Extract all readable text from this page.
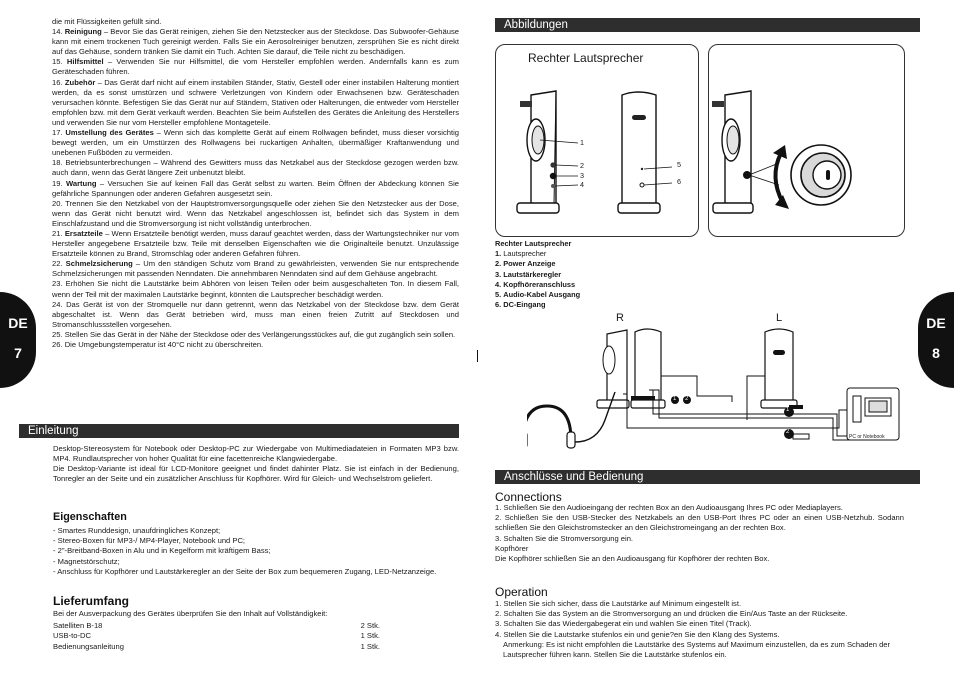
DE
7

die mit Flüssigkeiten gefüllt sind.

14. Reinigung – Bevor Sie das Gerät reinigen, ziehen Sie den Netzstecker aus der Steckdose. Das Subwoofer-Gehäuse kann mit einem trockenen Tuch gereinigt werden. Falls Sie ein Aerosolreiniger benutzen, zersprühen Sie es nicht direkt auf das Gehäuse, sondern tränken Sie damit ein Tuch. Achten Sie darauf, die Teile nicht zu beschädigen.

15. Hilfsmittel – Verwenden Sie nur Hilfsmittel, die vom Hersteller empfohlen werden. Andernfalls kann es zum Geräteschaden führen.

16. Zubehör – Das Gerät darf nicht auf einem instabilen Ständer, Stativ, Gestell oder einer instabilen Halterung montiert werden, da es sonst umstürzen und schwere Verletzungen von Kindern oder Erwachsenen bzw. Geräteschaden verursachen könnte. Befestigen Sie das Gerät nur auf Ständern, Stativen oder Halterungen, die entweder vom Hersteller empfohlen bzw. mit dem Gerät verkauft werden. Beachten Sie beim Aufstellen des Gerätes die Anleitung des Herstellers und verwenden Sie nur vom Hersteller empfohlene Montageteile.

17. Umstellung des Gerätes – Wenn sich das komplette Gerät auf einem Rollwagen befindet, muss dieser vorsichtig bewegt werden, um ein Umstürzen des Rollwagens bei ruckartigen Anhalten, übermäßiger Kraftanwendung und unebenen Fußböden zu vermeiden.

18. Betriebsunterbrechungen – Während des Gewitters muss das Netzkabel aus der Steckdose gezogen werden bzw. auch dann, wenn das Gerät längere Zeit unbenutzt bleibt.

19. Wartung – Versuchen Sie auf keinen Fall das Gerät selbst zu warten. Beim Öffnen der Abdeckung können Sie gefährliche Spannungen oder anderen Gefahren ausgesetzt sein.

20. Trennen Sie den Netzkabel von der Hauptstromversorgungsquelle oder ziehen Sie den Netzstecker aus der Dose, wenn das Gerät nicht benutzt wird. Wenn das Netzkabel angeschlossen ist, befindet sich das System in dem Einschlafzustand und die Stromversorgung ist nicht vollständig unterbrochen.

21. Ersatzteile – Wenn Ersatzteile benötigt werden, muss darauf geachtet werden, dass der Wartungstechniker nur vom Hersteller angegebene Ersatzteile bzw. Teile mit denselben Eigenschaften wie die Originalteile benutzt. Unzulässige Ersatzteile können zu Brand, Stromschlag oder anderen Gefahren führen.

22. Schmelzsicherung – Um den ständigen Schutz vom Brand zu gewährleisten, verwenden Sie nur entsprechende Schmelzsicherungen mit passenden Nenndaten. Die annehmbaren Nenndaten sind auf dem Gehäuse angebracht.

23. Erhöhen Sie nicht die Lautstärke beim Abhören von leisen Teilen oder beim ausgeschalteten Ton. In diesem Fall, wenn der Teil mit der maximalen Lautstärke beginnt, könnten die Lautsprecher beschädigt werden.

24. Das Gerät ist von der Stromquelle nur dann getrennt, wenn das Netzkabel von der Steckdose bzw. dem Gerät abgeschaltet ist. Wenn das Gerät betrieben wird, muss man einen freien Zutritt auf Steckdosen und Stromanschlussstellen vorgesehen.

25. Stellen Sie das Gerät in der Nähe der Steckdose oder des Verlängerungsstückes auf, die gut zugänglich sein sollen.

26. Die Umgebungstemperatur ist 40°C nicht zu überschreiten.

Einleitung

Desktop-Stereosystem für Notebook oder Desktop-PC zur Wiedergabe von Multimediadateien in Formaten MP3 bzw. MP4. Rundlautsprecher von hoher Qualität für eine facettenreiche Klangwiedergabe.

Die Desktop-Variante ist ideal für LCD-Monitore geeignet und findet dahinter Platz. Sie ist einfach in der Bedienung, Tonregler an der Seite und ein zusätzlicher Anschluss für Kopfhörer. Wird für Gleich- und Wechselstrom geliefert.

Eigenschaften

- Smartes Runddesign, unaufdringliches Konzept;

- Stereo-Boxen für MP3-/ MP4-Player, Notebook und PC;

- 2"-Breitband-Boxen in Alu und in Kegelform mit kräftigem Bass;

- Magnetstörschutz;

- Anschluss für Kopfhörer und Lautstärkeregler an der Seite der Box zum bequemeren Zugang, LED-Netzanzeige.

Lieferumfang

Bei der Ausverpackung des Gerätes überprüfen Sie den Inhalt auf Vollständigkeit:

Satelliten B-18	2 Stk.
USB-to-DC	1 Stk.
Bedienungsanleitung	1 Stk.
DE
8
Abbildungen
Rechter Lautsprecher
1
2
3
4
5
6

Rechter Lautsprecher

1. Lautsprecher

2. Power Anzeige

3. Lautstärkeregler

4. Kopfhöreranschluss

5. Audio-Kabel Ausgang

6. DC-Eingang

R	L
PC or Notebook
1
2
1 2
Anschlüsse und Bedienung
Connections

1. Schließen Sie den Audioeingang der rechten Box an den Audioausgang Ihres PC oder Mediaplayers.

2. Schließen Sie den USB-Stecker des Netzkabels an den USB-Port Ihres PC oder an einen USB-Netzhub. Sodann schließen Sie den Gleichstromstecker an den Gleichstromeingang an der rechten Box.

3. Schalten Sie die Stromversorgung ein.

Kopfhörer

Die Kopfhörer schließen Sie an den Audioausgang für Kopfhörer der rechten Box.

Operation

1. Stellen Sie sich sicher, dass die Lautstärke auf Minimum eingestellt ist.

2. Schalten Sie das System an die Stromversorgung an und drücken die Ein/Aus Taste an der Rückseite.

3. Schalten Sie das Wiedergabegerat ein und wahlen Sie einen Titel (Track).

4. Stellen Sie die Lautstarke stufenlos ein und genie?en Sie den Klang des Systems.

Anmerkung: Es ist nicht empfohlen die Lautstärke des Systems auf Maximum einzustellen, da es zum Schaden der Lautsprecher führen kann. Stellen Sie die Lautstärke stufenlos ein.
